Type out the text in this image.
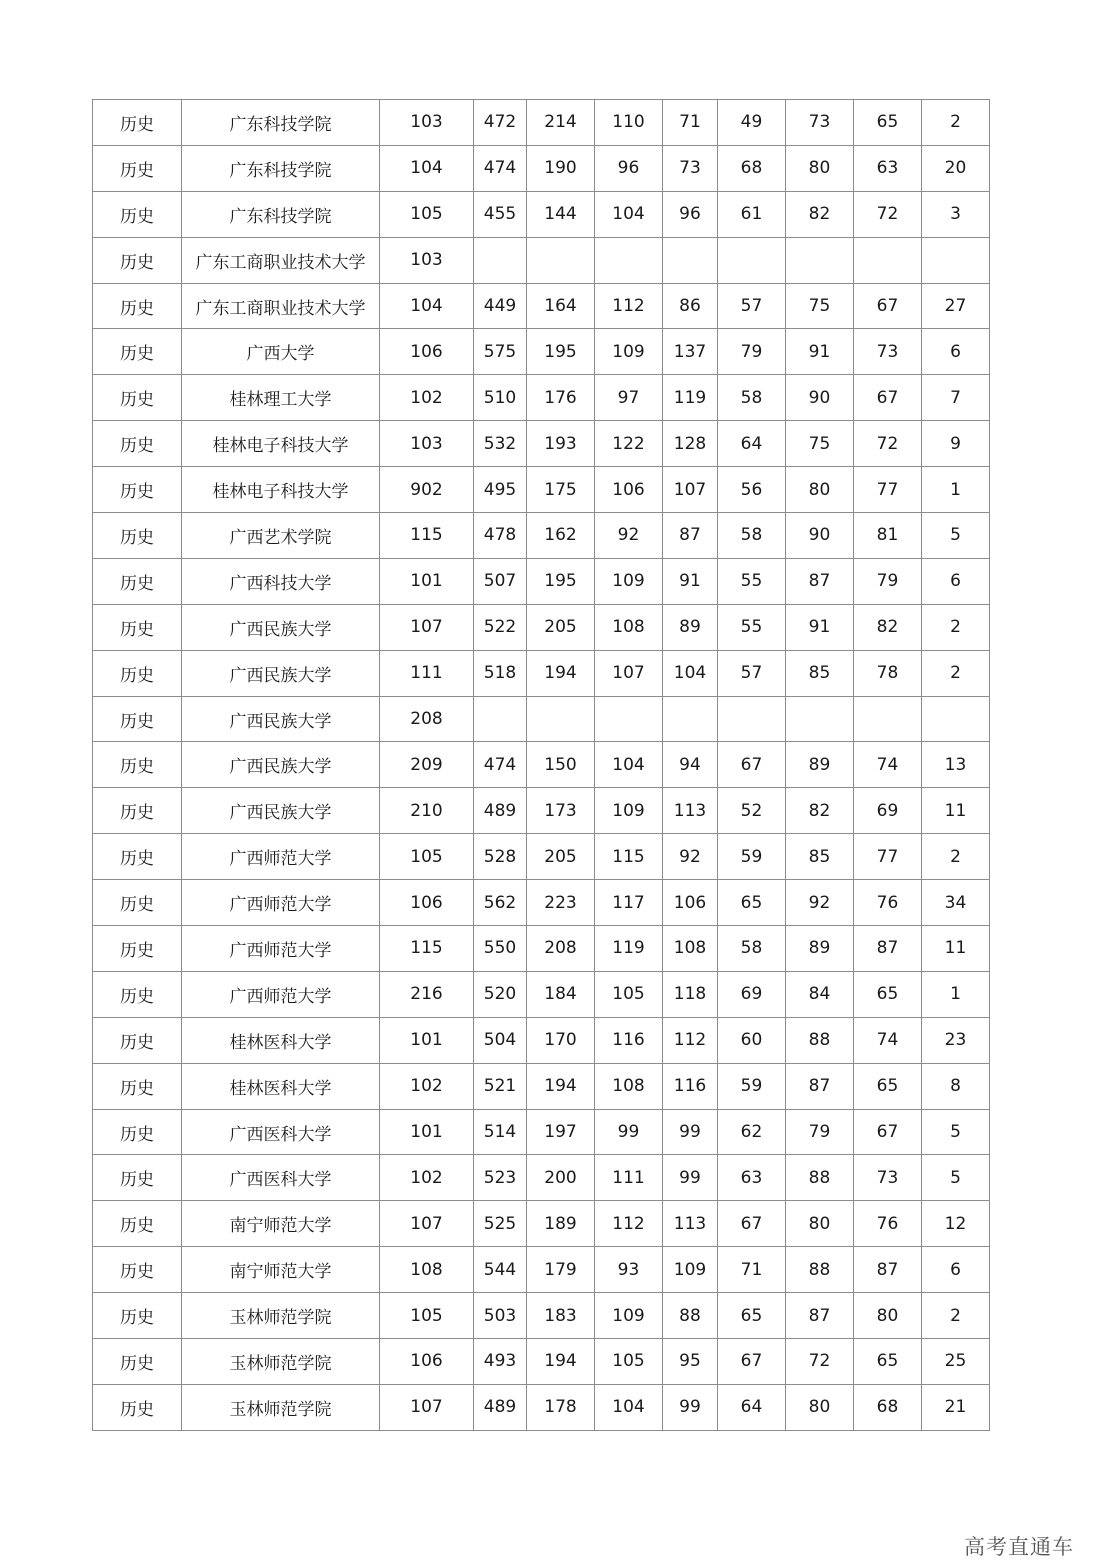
历史	广东科技学院	103	472	214	110	71	49	73	65	2
历史	广东科技学院	104	474	190	96	73	68	80	63	20
历史	广东科技学院	105	455	144	104	96	61	82	72	3
历史	广东工商职业技术大学	103								
历史	广东工商职业技术大学	104	449	164	112	86	57	75	67	27
历史	广西大学	106	575	195	109	137	79	91	73	6
历史	桂林理工大学	102	510	176	97	119	58	90	67	7
历史	桂林电子科技大学	103	532	193	122	128	64	75	72	9
历史	桂林电子科技大学	902	495	175	106	107	56	80	77	1
历史	广西艺术学院	115	478	162	92	87	58	90	81	5
历史	广西科技大学	101	507	195	109	91	55	87	79	6
历史	广西民族大学	107	522	205	108	89	55	91	82	2
历史	广西民族大学	111	518	194	107	104	57	85	78	2
历史	广西民族大学	208								
历史	广西民族大学	209	474	150	104	94	67	89	74	13
历史	广西民族大学	210	489	173	109	113	52	82	69	11
历史	广西师范大学	105	528	205	115	92	59	85	77	2
历史	广西师范大学	106	562	223	117	106	65	92	76	34
历史	广西师范大学	115	550	208	119	108	58	89	87	11
历史	广西师范大学	216	520	184	105	118	69	84	65	1
历史	桂林医科大学	101	504	170	116	112	60	88	74	23
历史	桂林医科大学	102	521	194	108	116	59	87	65	8
历史	广西医科大学	101	514	197	99	99	62	79	67	5
历史	广西医科大学	102	523	200	111	99	63	88	73	5
历史	南宁师范大学	107	525	189	112	113	67	80	76	12
历史	南宁师范大学	108	544	179	93	109	71	88	87	6
历史	玉林师范学院	105	503	183	109	88	65	87	80	2
历史	玉林师范学院	106	493	194	105	95	67	72	65	25
历史	玉林师范学院	107	489	178	104	99	64	80	68	21
高考直通车
